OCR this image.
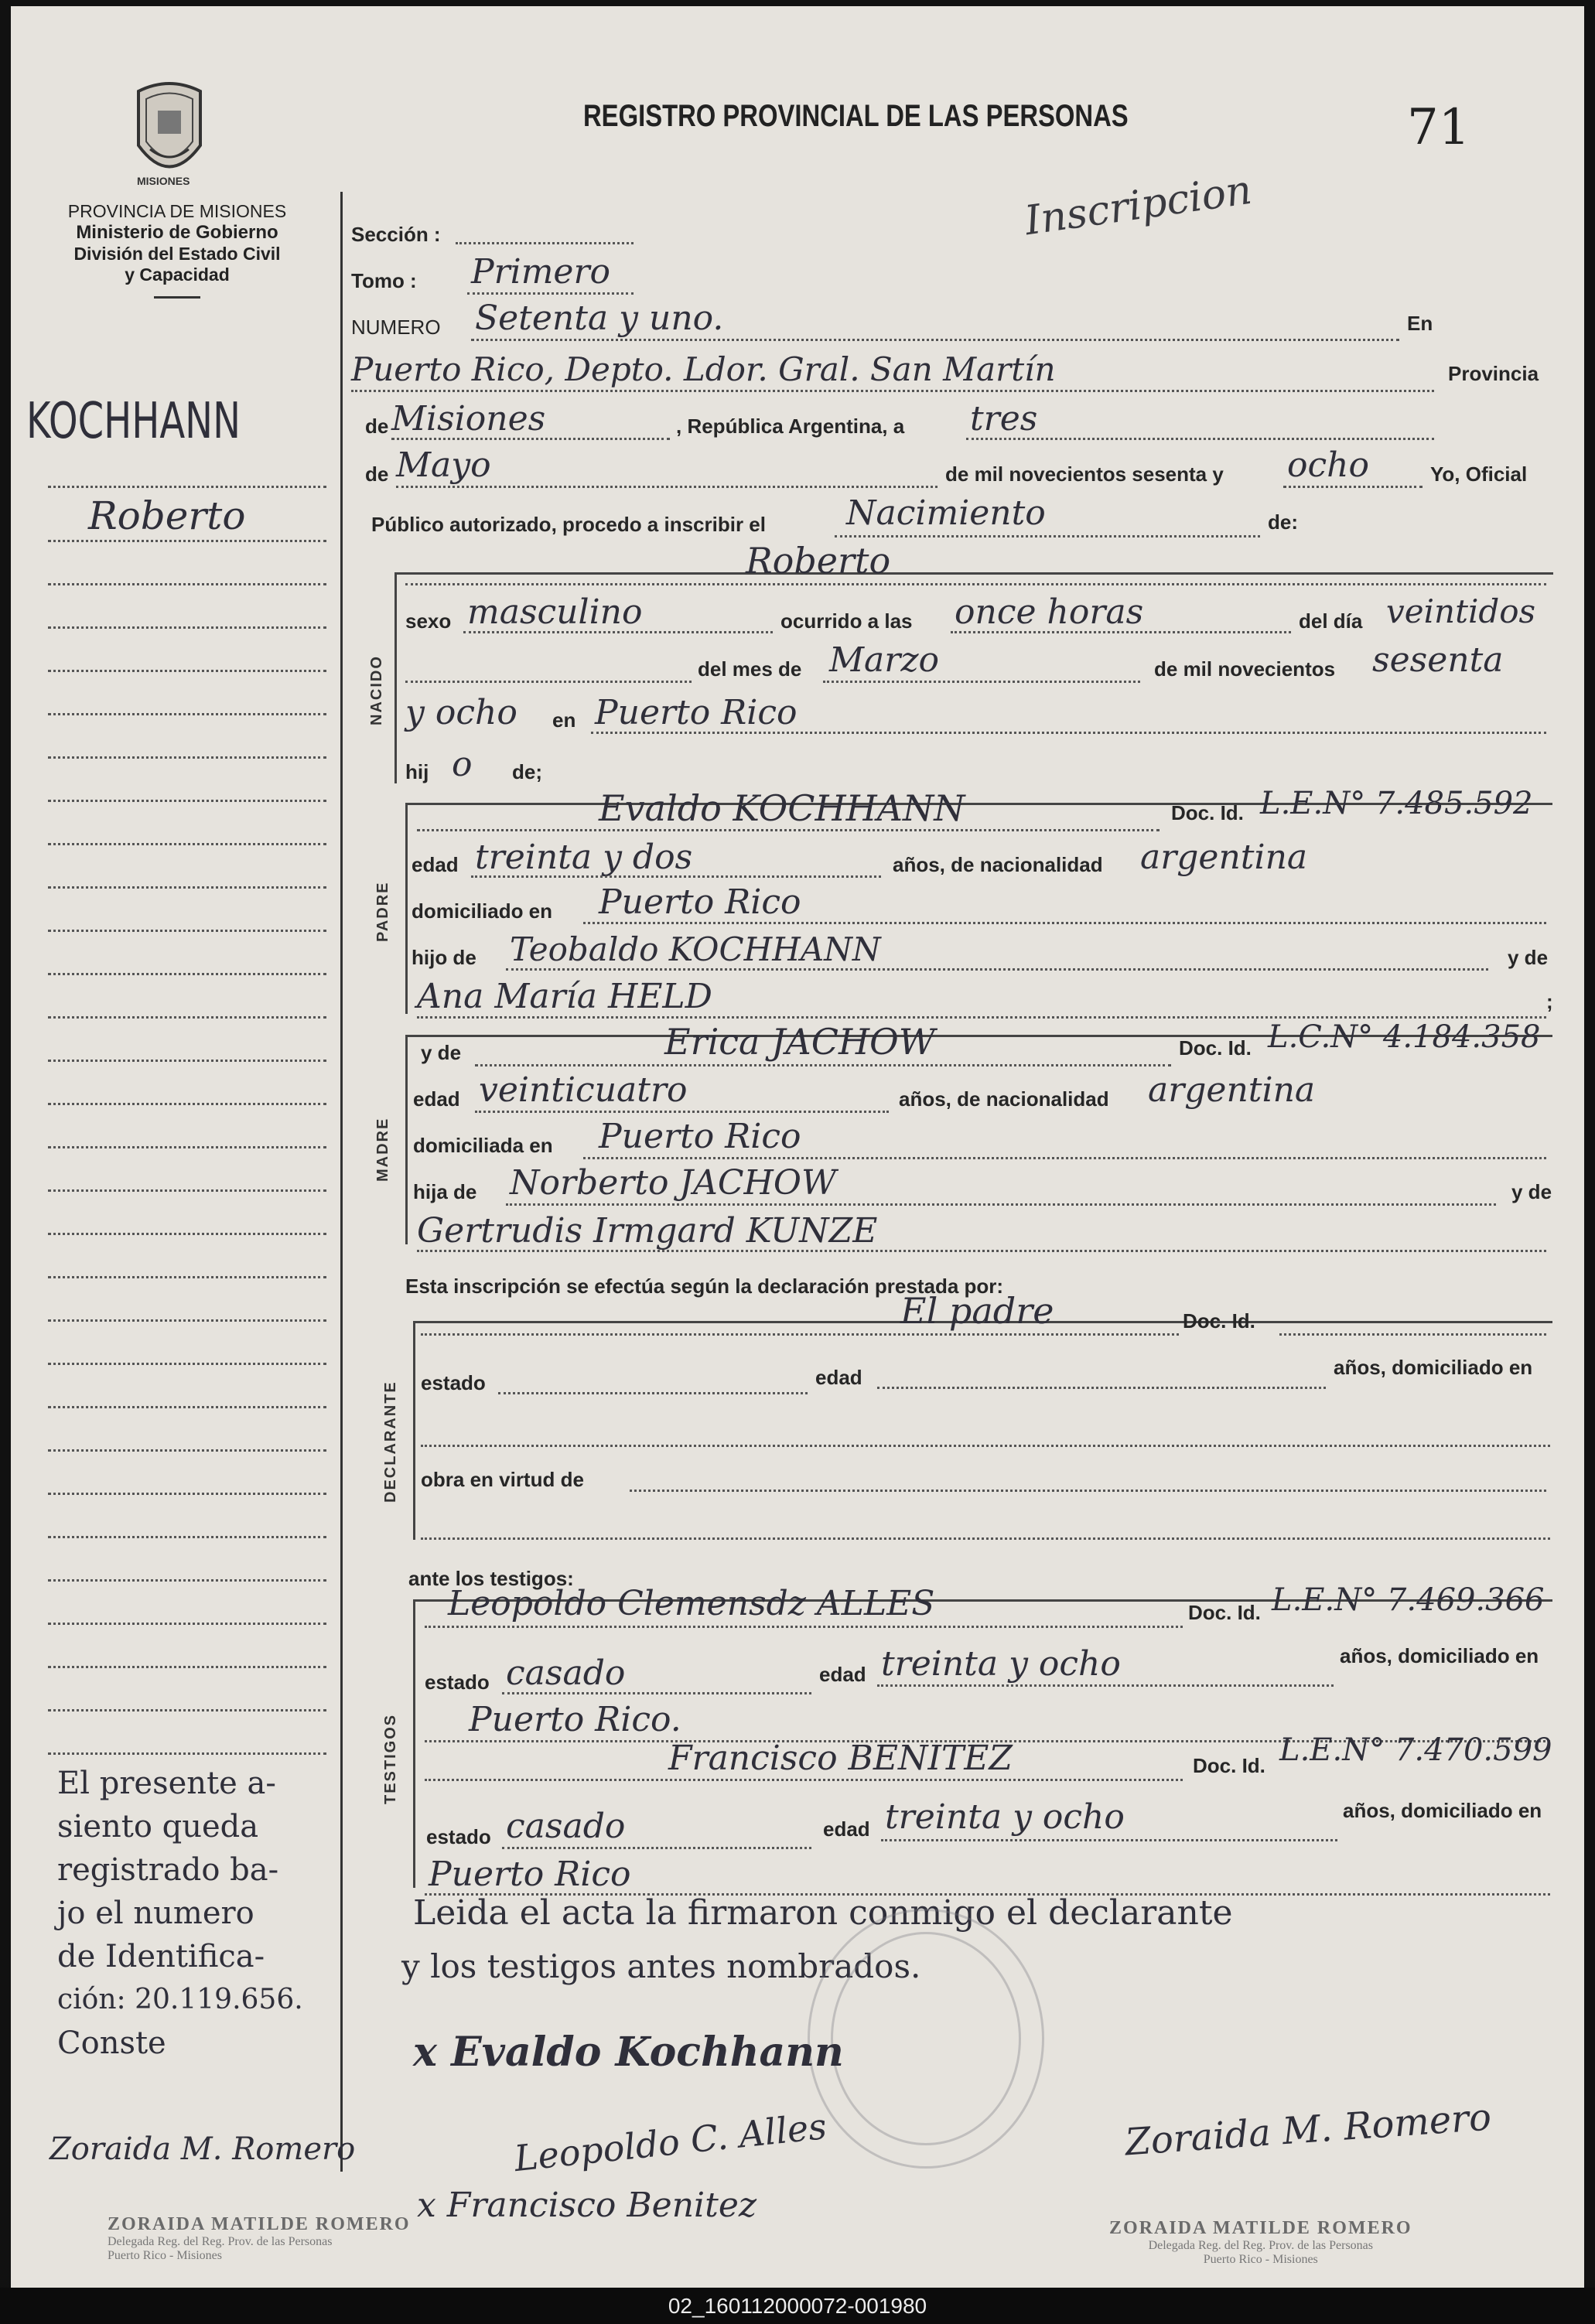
MISIONES
PROVINCIA DE MISIONES
Ministerio de Gobierno
División del Estado Civil
y Capacidad
REGISTRO PROVINCIAL DE LAS PERSONAS	71
Inscripcion
KOCHHANN
Roberto
El presente a-
siento queda
registrado ba-
jo el numero
de Identifica-
ción: 20.119.656.
Conste
Zoraida M. Romero
Sección :
Tomo : Primero
NUMERO Setenta y uno.	En
Puerto Rico, Depto. Ldor. Gral. San Martín	Provincia
de Misiones	, República Argentina, a tres
de Mayo	de mil novecientos sesenta y ocho	Yo, Oficial
Público autorizado, procedo a inscribir el Nacimiento	de:
NACIDO
Roberto
sexo masculino	ocurrido a las once horas	del día veintidos
del mes de Marzo	de mil novecientos sesenta
y ocho en Puerto Rico
hij o de;
PADRE
Evaldo KOCHHANN	Doc. Id. L.E.N° 7.485.592
edad treinta y dos	años, de nacionalidad argentina
domiciliado en Puerto Rico
hijo de Teobaldo KOCHHANN	y de
Ana María HELD	;
MADRE
y de	Erica JACHOW	Doc. Id. L.C.N° 4.184.358
edad veinticuatro	años, de nacionalidad argentina
domiciliada en Puerto Rico
hija de Norberto JACHOW	y de
Gertrudis Irmgard KUNZE
Esta inscripción se efectúa según la declaración prestada por:
DECLARANTE
El padre	Doc. Id.
estado	edad	años, domiciliado en
obra en virtud de
ante los testigos:
TESTIGOS
Leopoldo Clemensdz ALLES	Doc. Id. L.E.N° 7.469.366
estado casado	edad treinta y ocho	años, domiciliado en
Puerto Rico.
Francisco BENITEZ	Doc. Id. L.E.N° 7.470.599
estado casado	edad treinta y ocho	años, domiciliado en
Puerto Rico
Leida el acta la firmaron conmigo el declarante
y los testigos antes nombrados.
x Evaldo Kochhann
Leopoldo C. Alles
x Francisco Benitez
Zoraida M. Romero
ZORAIDA MATILDE ROMERO
Delegada Reg. del Reg. Prov. de las Personas
Puerto Rico - Misiones
ZORAIDA MATILDE ROMERO
Delegada Reg. del Reg. Prov. de las Personas
Puerto Rico - Misiones
02_160112000072-001980
